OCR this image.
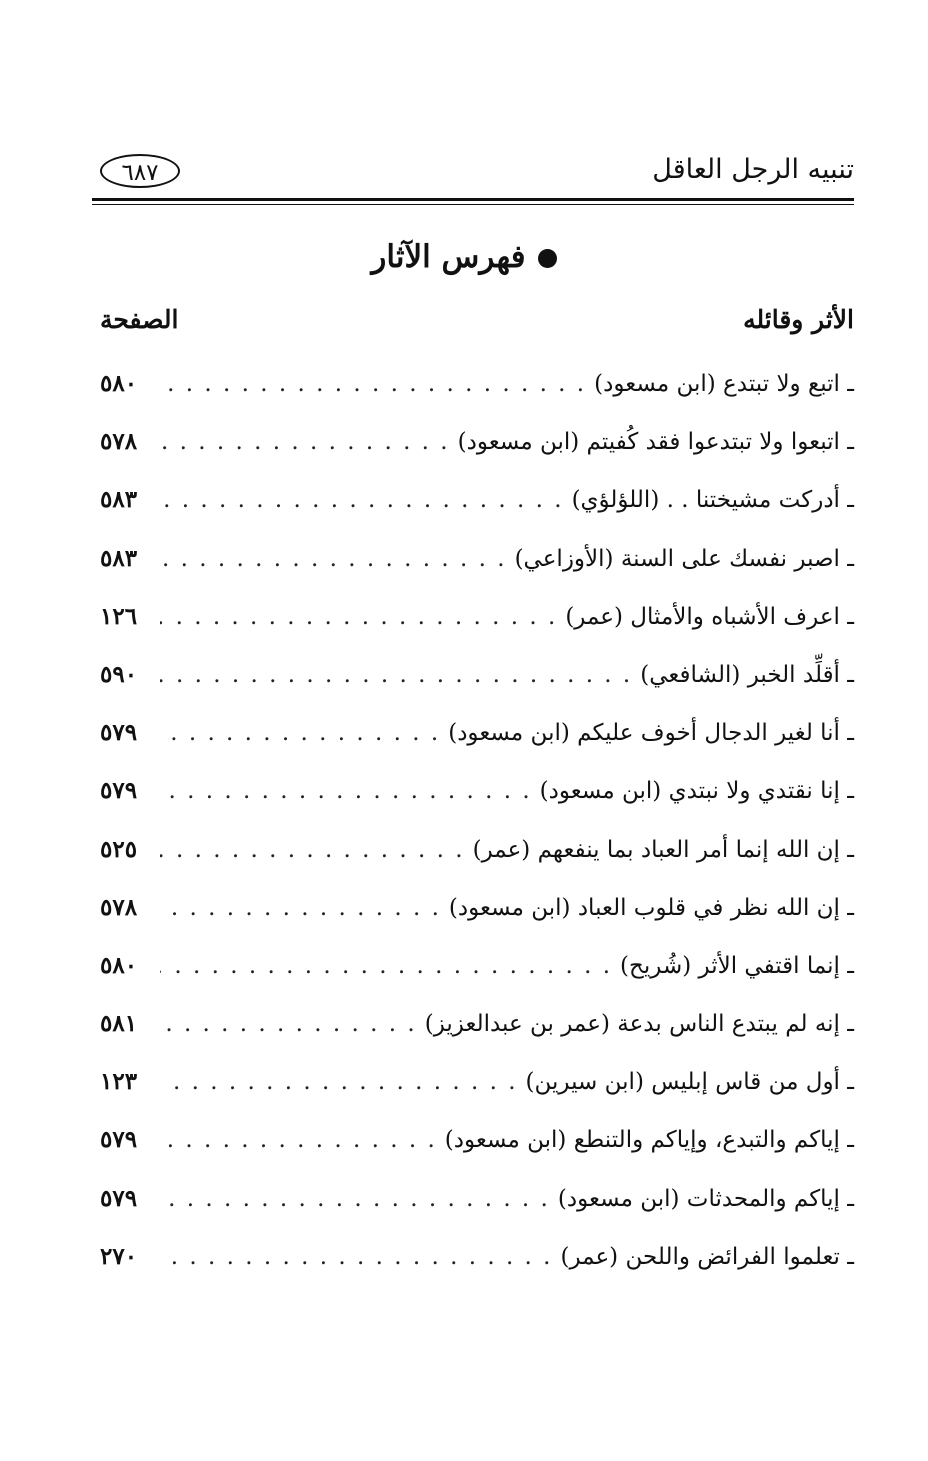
تنبيه الرجل العاقل
٦٨٧
فهرس الآثار
الأثر وقائله
الصفحة
ـ اتبع ولا تبتدع (ابن مسعود)
. . .
٥٨٠
ـ اتبعوا ولا تبتدعوا فقد كُفيتم (ابن مسعود)
. . .
٥٧٨
ـ أدركت مشيختنا . . (اللؤلؤي)
. . .
٥٨٣
ـ اصبر نفسك على السنة (الأوزاعي)
. . .
٥٨٣
ـ اعرف الأشباه والأمثال (عمر)
. . .
١٢٦
ـ أقلِّد الخبر (الشافعي)
. . .
٥٩٠
ـ أنا لغير الدجال أخوف عليكم (ابن مسعود)
. . .
٥٧٩
ـ إنا نقتدي ولا نبتدي (ابن مسعود)
. . .
٥٧٩
ـ إن الله إنما أمر العباد بما ينفعهم (عمر)
. . .
٥٢٥
ـ إن الله نظر في قلوب العباد (ابن مسعود)
. . .
٥٧٨
ـ إنما اقتفي الأثر (شُريح)
. . .
٥٨٠
ـ إنه لم يبتدع الناس بدعة (عمر بن عبدالعزيز)
. . .
٥٨١
ـ أول من قاس إبليس (ابن سيرين)
. . .
١٢٣
ـ إياكم والتبدع، وإياكم والتنطع (ابن مسعود)
. . .
٥٧٩
ـ إياكم والمحدثات (ابن مسعود)
. . .
٥٧٩
ـ تعلموا الفرائض واللحن (عمر)
. . .
٢٧٠
